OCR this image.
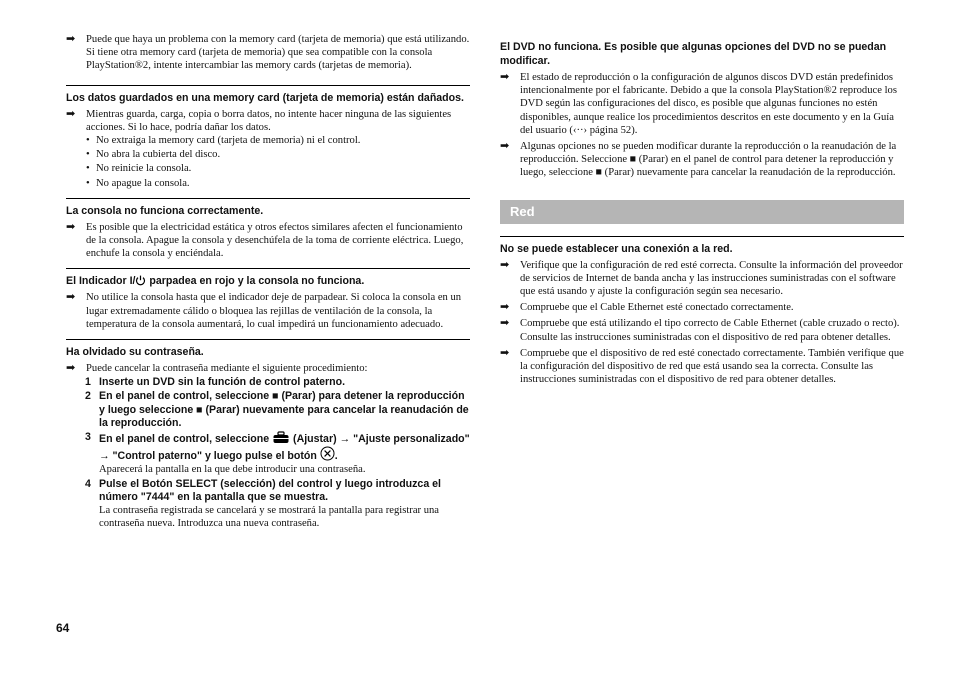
➡	Puede que haya un problema con la memory card (tarjeta de memoria) que está utilizando. Si tiene otra memory card (tarjeta de memoria) que sea compatible con la consola PlayStation®2, intente intercambiar las memory cards (tarjetas de memoria).
Los datos guardados en una memory card (tarjeta de memoria) están dañados.
➡	Mientras guarda, carga, copia o borra datos, no intente hacer ninguna de las siguientes acciones. Si lo hace, podría dañar los datos.
• No extraiga la memory card (tarjeta de memoria) ni el control.
• No abra la cubierta del disco.
• No reinicie la consola.
• No apague la consola.
La consola no funciona correctamente.
➡	Es posible que la electricidad estática y otros efectos similares afecten el funcionamiento de la consola. Apague la consola y desenchúfela de la toma de corriente eléctrica. Luego, enchufe la consola y enciéndala.
El Indicador I/ parpadea en rojo y la consola no funciona.
➡	No utilice la consola hasta que el indicador deje de parpadear. Si coloca la consola en un lugar extremadamente cálido o bloquea las rejillas de ventilación de la consola, la temperatura de la consola aumentará, lo cual impedirá un funcionamiento adecuado.
Ha olvidado su contraseña.
➡	Puede cancelar la contraseña mediante el siguiente procedimiento:
1 Inserte un DVD sin la función de control paterno.
2 En el panel de control, seleccione ■ (Parar) para detener la reproducción y luego seleccione ■ (Parar) nuevamente para cancelar la reanudación de la reproducción.
3 En el panel de control, seleccione  (Ajustar) → "Ajuste personalizado" → "Control paterno" y luego pulse el botón .
Aparecerá la pantalla en la que debe introducir una contraseña.
4 Pulse el Botón SELECT (selección) del control y luego introduzca el número "7444" en la pantalla que se muestra.
La contraseña registrada se cancelará y se mostrará la pantalla para registrar una contraseña nueva. Introduzca una nueva contraseña.
El DVD no funciona. Es posible que algunas opciones del DVD no se puedan modificar.
➡	El estado de reproducción o la configuración de algunos discos DVD están predefinidos intencionalmente por el fabricante. Debido a que la consola PlayStation®2 reproduce los DVD según las configuraciones del disco, es posible que algunas funciones no estén disponibles, aunque realice los procedimientos descritos en este documento y en la Guía del usuario (‹··› página 52).
➡	Algunas opciones no se pueden modificar durante la reproducción o la reanudación de la reproducción. Seleccione ■ (Parar) en el panel de control para detener la reproducción y luego, seleccione ■ (Parar) nuevamente para cancelar la reanudación de la reproducción.
Red
No se puede establecer una conexión a la red.
➡	Verifique que la configuración de red esté correcta. Consulte la información del proveedor de servicios de Internet de banda ancha y las instrucciones suministradas con el software que está usando y ajuste la configuración según sea necesario.
➡	Compruebe que el Cable Ethernet esté conectado correctamente.
➡	Compruebe que está utilizando el tipo correcto de Cable Ethernet (cable cruzado o recto). Consulte las instrucciones suministradas con el dispositivo de red para obtener detalles.
➡	Compruebe que el dispositivo de red esté conectado correctamente. También verifique que la configuración del dispositivo de red que está usando sea la correcta. Consulte las instrucciones suministradas con el dispositivo de red para obtener detalles.
64
